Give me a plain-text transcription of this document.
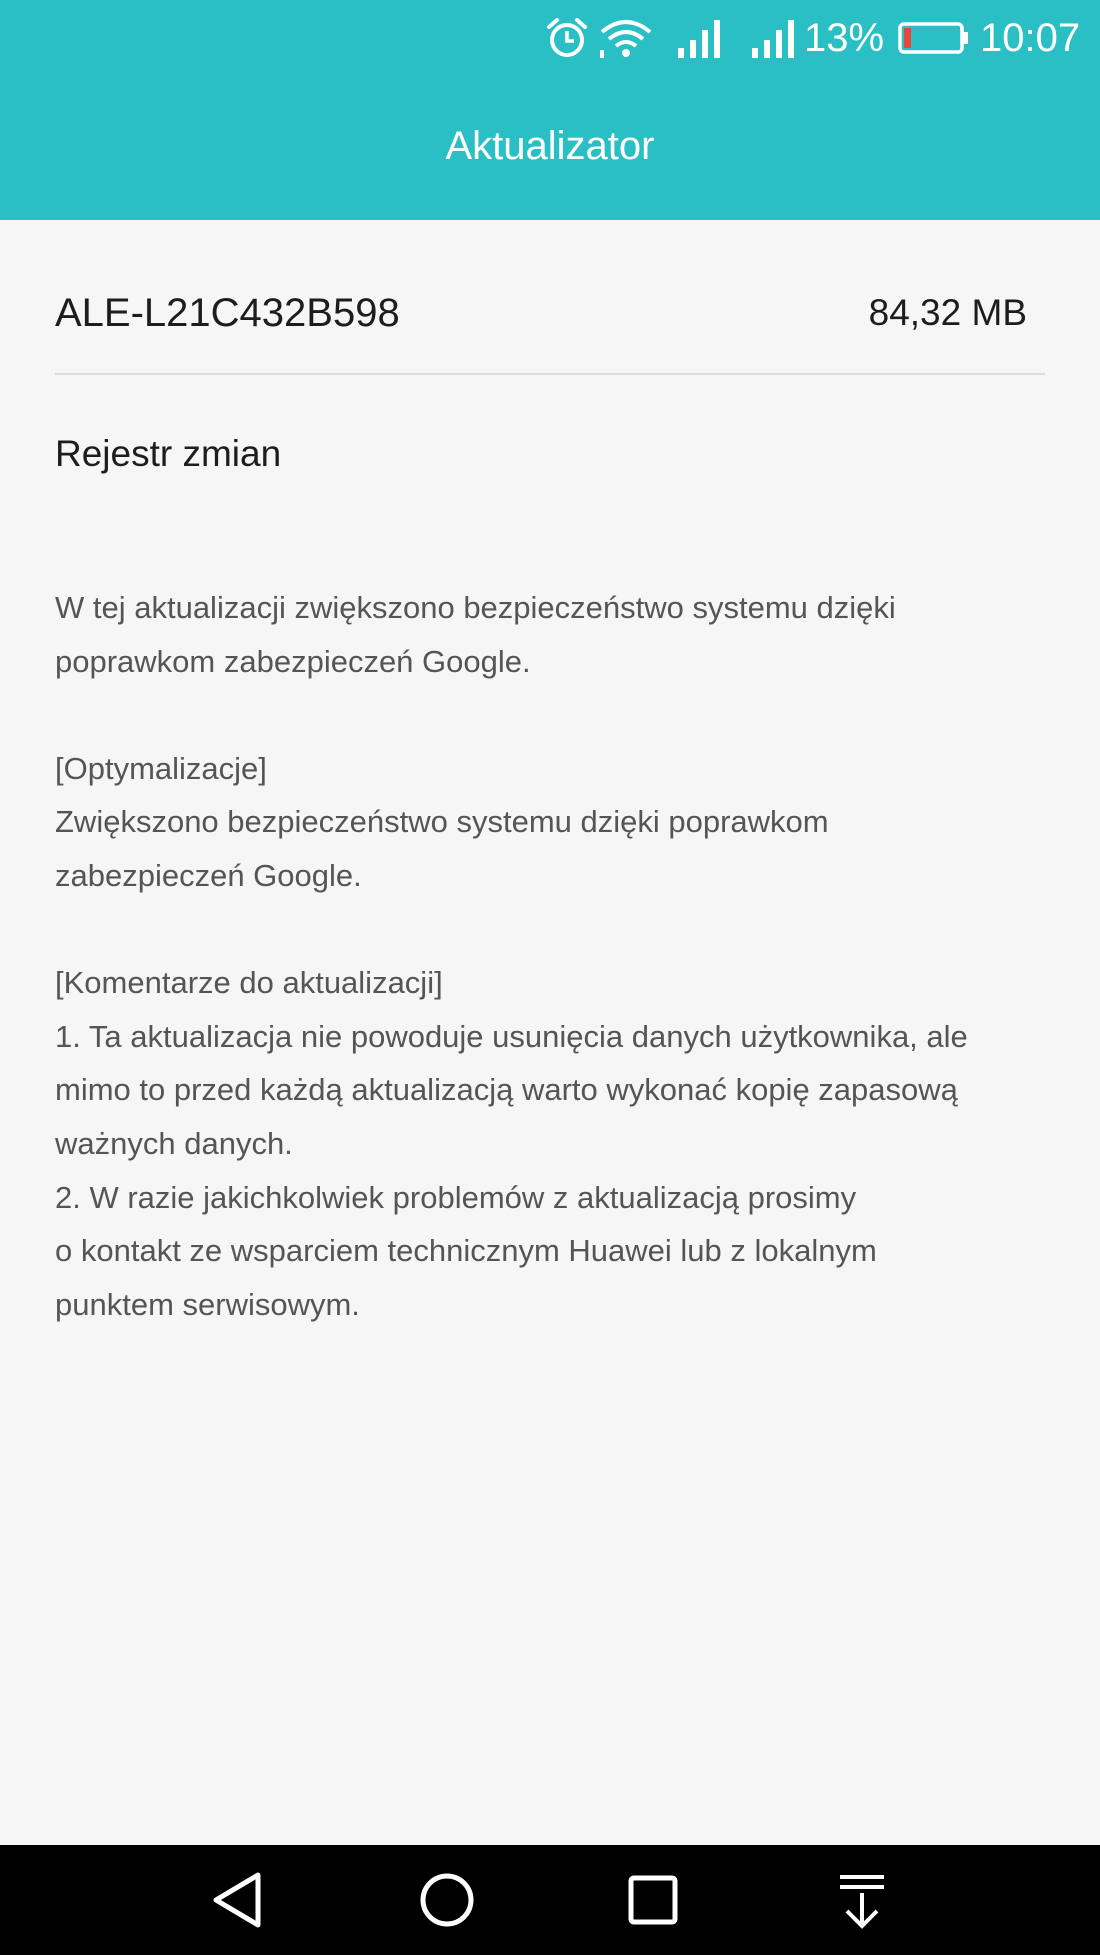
13% 10:07
Aktualizator
ALE-L21C432B598	84,32 MB
Rejestr zmian

W tej aktualizacji zwiększono bezpieczeństwo systemu dzięki

poprawkom zabezpieczeń Google.

[Optymalizacje]

Zwiększono bezpieczeństwo systemu dzięki poprawkom

zabezpieczeń Google.

[Komentarze do aktualizacji]

1. Ta aktualizacja nie powoduje usunięcia danych użytkownika, ale

mimo to przed każdą aktualizacją warto wykonać kopię zapasową

ważnych danych.

2. W razie jakichkolwiek problemów z aktualizacją prosimy

o kontakt ze wsparciem technicznym Huawei lub z lokalnym

punktem serwisowym.
